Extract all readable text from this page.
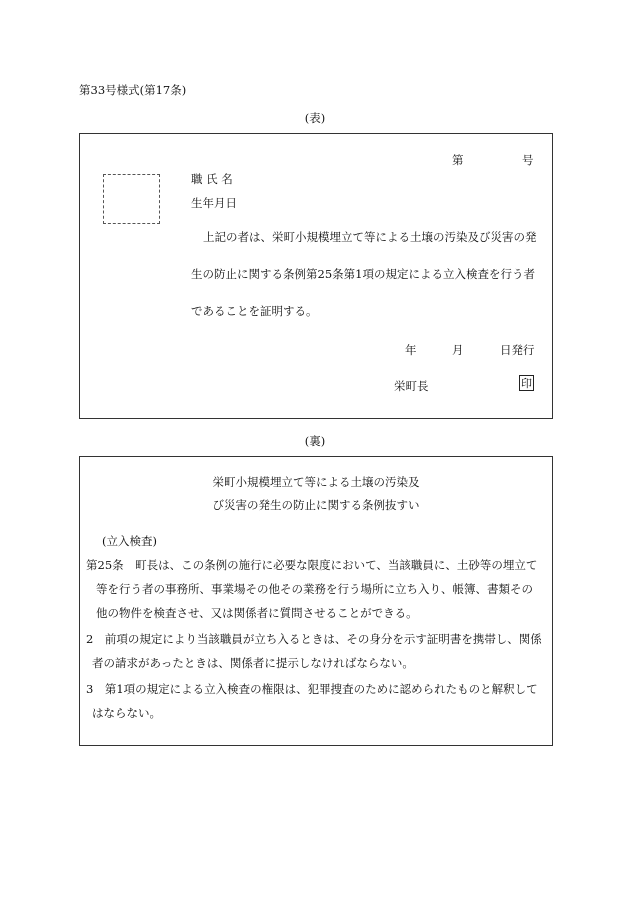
第33号様式(第17条)
(表)
第	号
職 氏 名
生年月日
上記の者は、栄町小規模埋立て等による土壌の汚染及び災害の発
生の防止に関する条例第25条第1項の規定による立入検査を行う者
であることを証明する。
年	月	日発行
栄町長	印
(裏)
栄町小規模埋立て等による土壌の汚染及
び災害の発生の防止に関する条例抜すい
(立入検査)
第25条　町長は、この条例の施行に必要な限度において、当該職員に、土砂等の埋立て
等を行う者の事務所、事業場その他その業務を行う場所に立ち入り、帳簿、書類その
他の物件を検査させ、又は関係者に質問させることができる。
2　前項の規定により当該職員が立ち入るときは、その身分を示す証明書を携帯し、関係
者の請求があったときは、関係者に提示しなければならない。
3　第1項の規定による立入検査の権限は、犯罪捜査のために認められたものと解釈して
はならない。
